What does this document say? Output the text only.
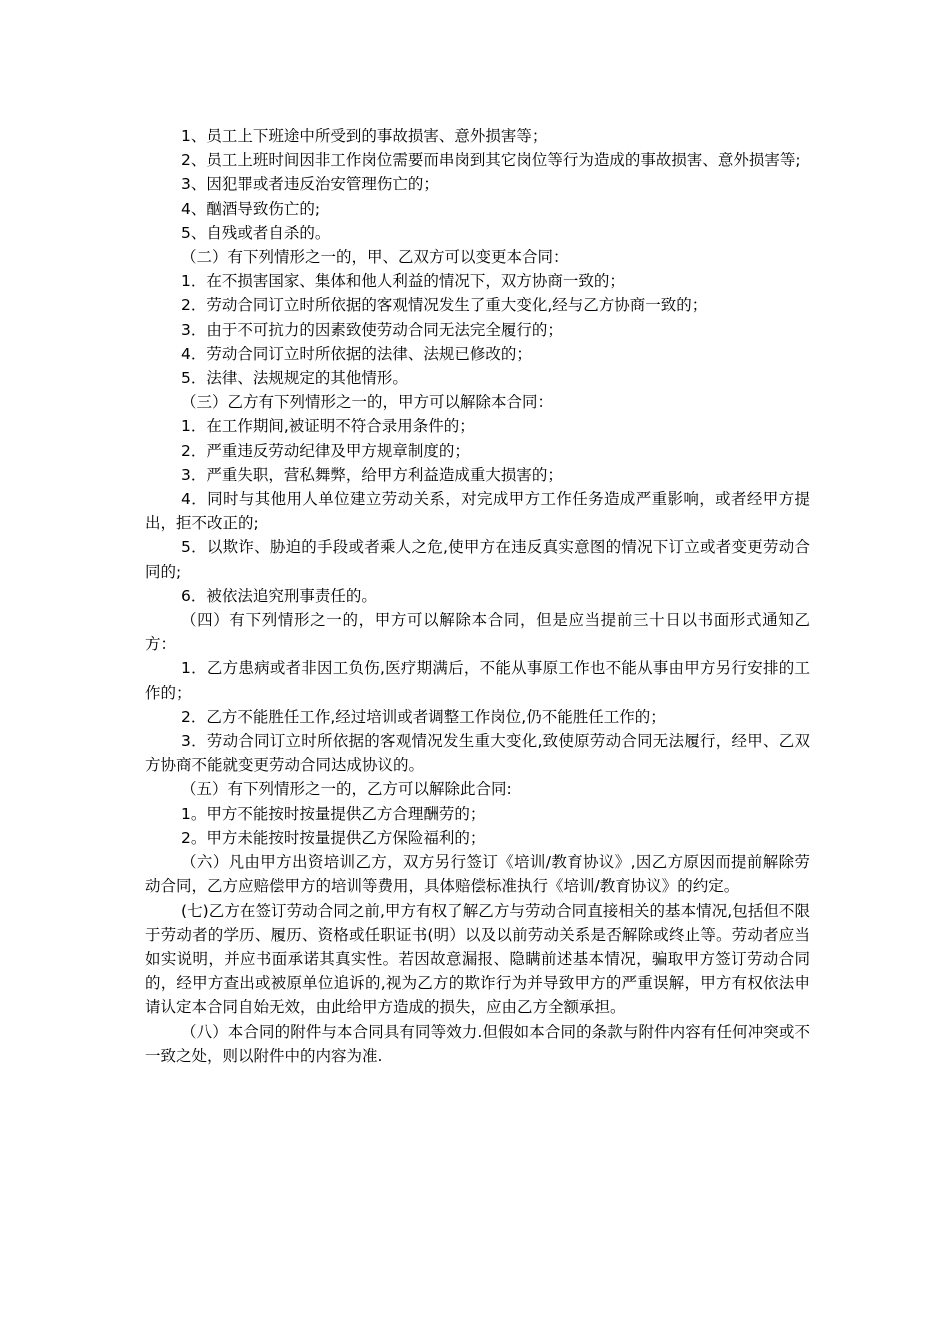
1、员工上下班途中所受到的事故损害、意外损害等；

2、员工上班时间因非工作岗位需要而串岗到其它岗位等行为造成的事故损害、意外损害等;

3、因犯罪或者违反治安管理伤亡的；

4、酗酒导致伤亡的;

5、自残或者自杀的。

（二）有下列情形之一的，甲、乙双方可以变更本合同：

1．在不损害国家、集体和他人利益的情况下，双方协商一致的；

2．劳动合同订立时所依据的客观情况发生了重大变化,经与乙方协商一致的；

3．由于不可抗力的因素致使劳动合同无法完全履行的；

4．劳动合同订立时所依据的法律、法规已修改的；

5．法律、法规规定的其他情形。

（三）乙方有下列情形之一的，甲方可以解除本合同：

1．在工作期间,被证明不符合录用条件的；

2．严重违反劳动纪律及甲方规章制度的；

3．严重失职，营私舞弊，给甲方利益造成重大损害的；

4．同时与其他用人单位建立劳动关系，对完成甲方工作任务造成严重影响，或者经甲方提出，拒不改正的;

5．以欺诈、胁迫的手段或者乘人之危,使甲方在违反真实意图的情况下订立或者变更劳动合同的;

6．被依法追究刑事责任的。

（四）有下列情形之一的，甲方可以解除本合同，但是应当提前三十日以书面形式通知乙方：

1．乙方患病或者非因工负伤,医疗期满后，不能从事原工作也不能从事由甲方另行安排的工作的；

2．乙方不能胜任工作,经过培训或者调整工作岗位,仍不能胜任工作的；

3．劳动合同订立时所依据的客观情况发生重大变化,致使原劳动合同无法履行，经甲、乙双方协商不能就变更劳动合同达成协议的。

（五）有下列情形之一的，乙方可以解除此合同:

1。甲方不能按时按量提供乙方合理酬劳的；

2。甲方未能按时按量提供乙方保险福利的；

（六）凡由甲方出资培训乙方，双方另行签订《培训/教育协议》,因乙方原因而提前解除劳动合同，乙方应赔偿甲方的培训等费用，具体赔偿标准执行《培训/教育协议》的约定。

(七)乙方在签订劳动合同之前,甲方有权了解乙方与劳动合同直接相关的基本情况,包括但不限于劳动者的学历、履历、资格或任职证书(明）以及以前劳动关系是否解除或终止等。劳动者应当如实说明，并应书面承诺其真实性。若因故意漏报、隐瞒前述基本情况，骗取甲方签订劳动合同的，经甲方查出或被原单位追诉的,视为乙方的欺诈行为并导致甲方的严重误解，甲方有权依法申请认定本合同自始无效，由此给甲方造成的损失，应由乙方全额承担。

（八）本合同的附件与本合同具有同等效力.但假如本合同的条款与附件内容有任何冲突或不一致之处，则以附件中的内容为准.
